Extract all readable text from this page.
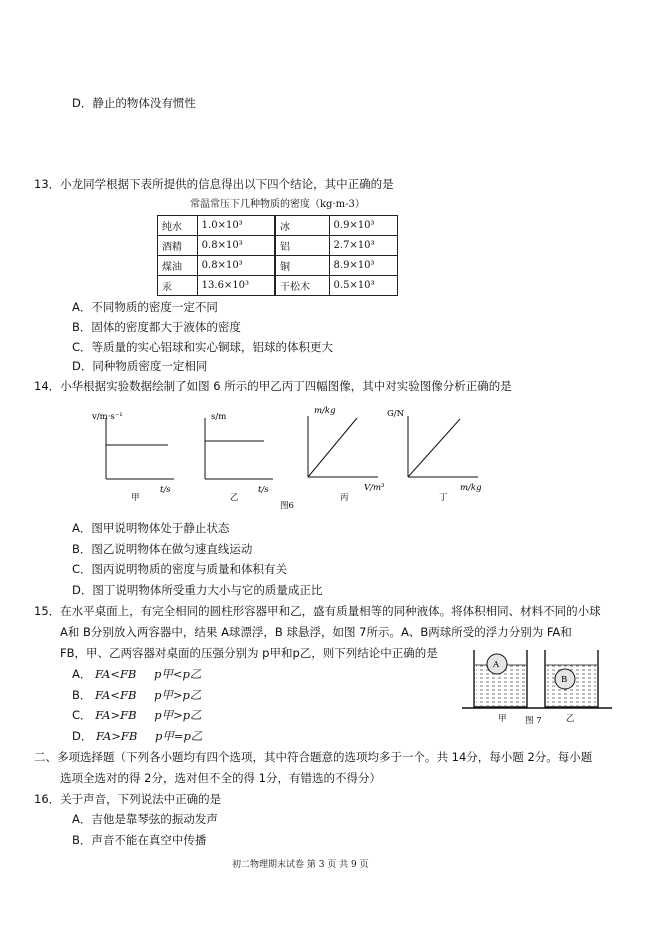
D．静止的物体没有惯性
13．小龙同学根据下表所提供的信息得出以下四个结论，其中正确的是
常温常压下几种物质的密度（kg·m-3）
纯水	1.0×10³	冰	0.9×10³
酒精	0.8×10³	铝	2.7×10³
煤油	0.8×10³	铜	8.9×10³
汞	13.6×10³	干松木	0.5×10³
A．不同物质的密度一定不同
B．固体的密度都大于液体的密度
C．等质量的实心铝球和实心铜球，铝球的体积更大
D．同种物质密度一定相同
14．小华根据实验数据绘制了如图 6 所示的甲乙丙丁四幅图像，其中对实验图像分析正确的是
v/m·s⁻¹
t/s
甲
s/m
t/s
乙
m/kg
V/m³
丙
G/N
m/kg
丁
图6
A．图甲说明物体处于静止状态
B．图乙说明物体在做匀速直线运动
C．图丙说明物质的密度与质量和体积有关
D．图丁说明物体所受重力大小与它的质量成正比
15．在水平桌面上，有完全相同的圆柱形容器甲和乙，盛有质量相等的同种液体。将体积相同、材料不同的小球
A和 B分别放入两容器中，结果 A球漂浮，B 球悬浮，如图 7所示。A、B两球所受的浮力分别为 FA和
FB，甲、乙两容器对桌面的压强分别为 p甲和p乙，则下列结论中正确的是
A． FA<FB p甲<p乙
B． FA<FB p甲>p乙
C． FA>FB p甲>p乙
D． FA>FB p甲=p乙
A
B
甲 图 7	乙
二、多项选择题（下列各小题均有四个选项，其中符合题意的选项均多于一个。共 14分，每小题 2分。每小题
选项全选对的得 2分，选对但不全的得 1分，有错选的不得分）
16．关于声音，下列说法中正确的是
A．吉他是靠琴弦的振动发声
B．声音不能在真空中传播
初二物理期末试卷 第 3 页 共 9 页
